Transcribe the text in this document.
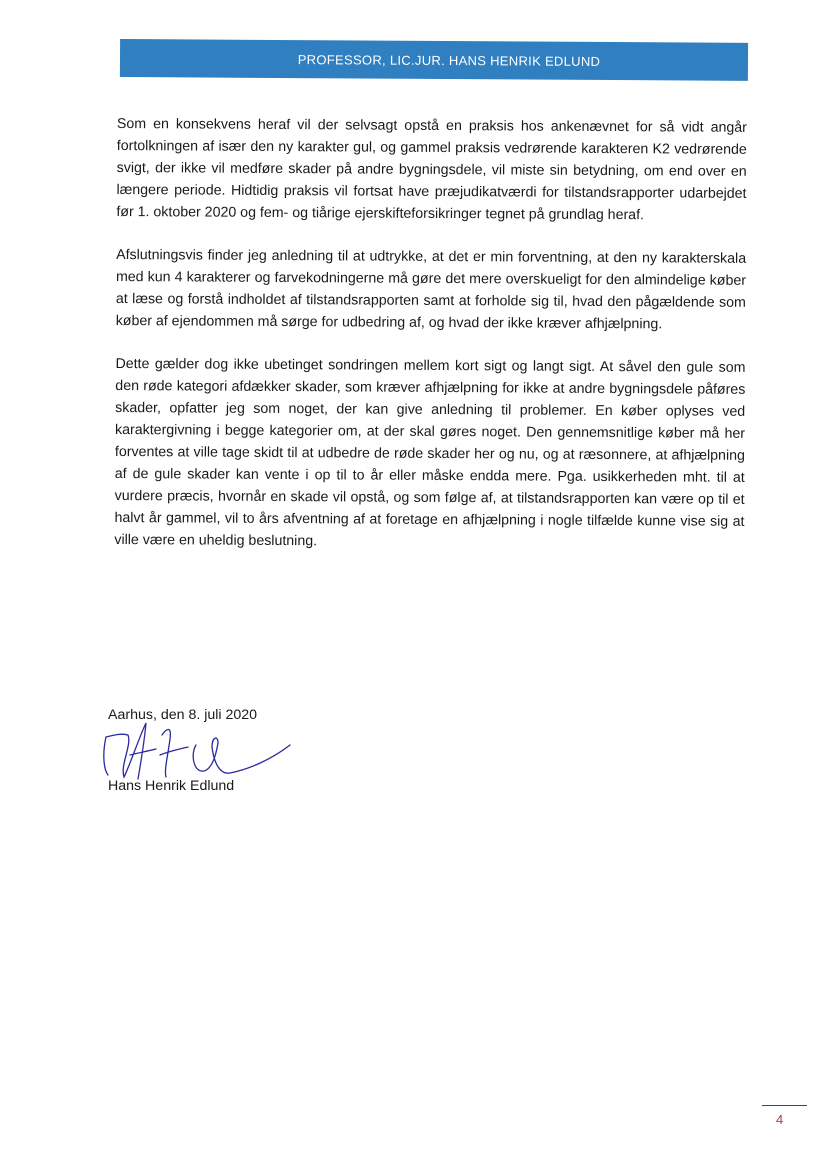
PROFESSOR, LIC.JUR. HANS HENRIK EDLUND

Som en konsekvens heraf vil der selvsagt opstå en praksis hos ankenævnet for så vidt angår fortolkningen af især den ny karakter gul, og gammel praksis vedrørende karakteren K2 vedrørende svigt, der ikke vil medføre skader på andre bygningsdele, vil miste sin betydning, om end over en længere periode. Hidtidig praksis vil fortsat have præjudikatværdi for tilstandsrapporter udarbejdet før 1. oktober 2020 og fem- og tiårige ejerskifteforsikringer tegnet på grundlag heraf.

Afslutningsvis finder jeg anledning til at udtrykke, at det er min forventning, at den ny karakterskala med kun 4 karakterer og farvekodningerne må gøre det mere overskueligt for den almindelige køber at læse og forstå indholdet af tilstandsrapporten samt at forholde sig til, hvad den pågældende som køber af ejendommen må sørge for udbedring af, og hvad der ikke kræver afhjælpning.

Dette gælder dog ikke ubetinget sondringen mellem kort sigt og langt sigt. At såvel den gule som den røde kategori afdækker skader, som kræver afhjælpning for ikke at andre bygningsdele påføres skader, opfatter jeg som noget, der kan give anledning til problemer. En køber oplyses ved karaktergivning i begge kategorier om, at der skal gøres noget. Den gennemsnitlige køber må her forventes at ville tage skidt til at udbedre de røde skader her og nu, og at ræsonnere, at afhjælpning af de gule skader kan vente i op til to år eller måske endda mere. Pga. usikkerheden mht. til at vurdere præcis, hvornår en skade vil opstå, og som følge af, at tilstandsrapporten kan være op til et halvt år gammel, vil to års afventning af at foretage en afhjælpning i nogle tilfælde kunne vise sig at ville være en uheldig beslutning.

Aarhus, den 8. juli 2020
Hans Henrik Edlund
4
